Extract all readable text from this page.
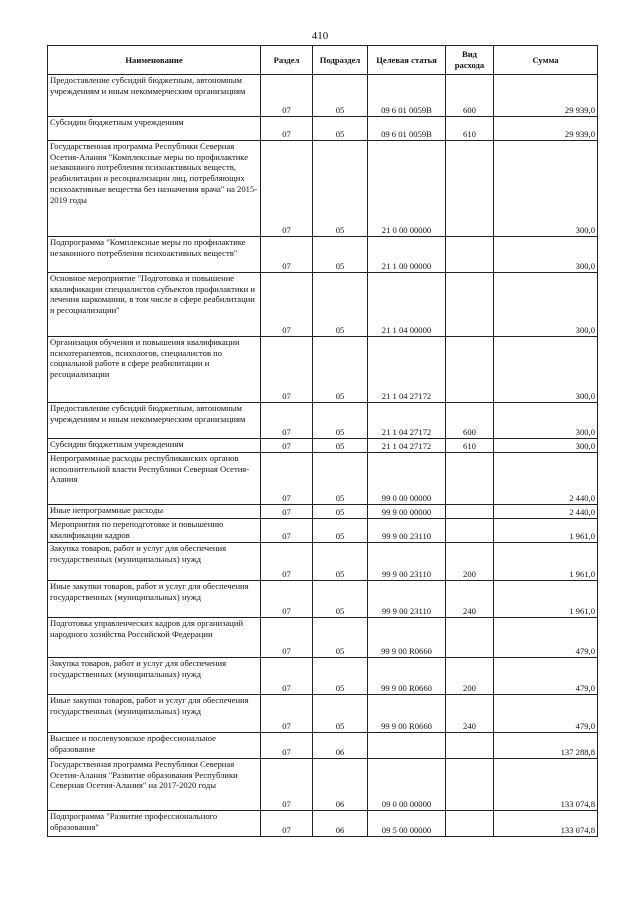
410
Наименование	Раздел	Подраздел	Целевая статья	Вид расхода	Сумма
Предоставление субсидий бюджетным, автономным учреждениям и иным некоммерческим организациям	07	05	09 6 01 0059В	600	29 939,0
Субсидии бюджетным учреждениям	07	05	09 6 01 0059В	610	29 939,0
Государственная программа Республики Северная Осетия-Алания "Комплексные меры по профилактике незаконного потребления психоактивных веществ, реабилитации и ресоциализации лиц, потребляющих психоактивные вещества без назначения врача" на 2015-2019 годы	07	05	21 0 00 00000		300,0
Подпрограмма "Комплексные меры по профилактике незаконного потребления психоактивных веществ"	07	05	21 1 00 00000		300,0
Основное мероприятие "Подготовка и повышение квалификации специалистов субъектов профилактики и лечения наркомании, в том числе в сфере реабилитации и ресоциализации"	07	05	21 1 04 00000		300,0
Организация обучения и повышения квалификации психотерапевтов, психологов, специалистов по социальной работе в сфере реабилитации и ресоциализации	07	05	21 1 04 27172		300,0
Предоставление субсидий бюджетным, автономным учреждениям и иным некоммерческим организациям	07	05	21 1 04 27172	600	300,0
Субсидии бюджетным учреждениям	07	05	21 1 04 27172	610	300,0
Непрограммные расходы республиканских органов исполнительной власти Республики Северная Осетия-Алания	07	05	99 0 00 00000		2 440,0
Иные непрограммные расходы	07	05	99 9 00 00000		2 440,0
Мероприятия по переподготовке и повышению квалификации кадров	07	05	99 9 00 23110		1 961,0
Закупка товаров, работ и услуг для обеспечения государственных (муниципальных) нужд	07	05	99 9 00 23110	200	1 961,0
Иные закупки товаров, работ и услуг для обеспечения государственных (муниципальных) нужд	07	05	99 9 00 23110	240	1 961,0
Подготовка управленческих кадров для организаций народного хозяйства Российской Федерации	07	05	99 9 00 R0660		479,0
Закупка товаров, работ и услуг для обеспечения государственных (муниципальных) нужд	07	05	99 9 00 R0660	200	479,0
Иные закупки товаров, работ и услуг для обеспечения государственных (муниципальных) нужд	07	05	99 9 00 R0660	240	479,0
Высшее и послевузовское профессиональное образование	07	06			137 288,8
Государственная программа Республики Северная Осетия-Алания "Развитие образования Республики Северная Осетия-Алания" на 2017-2020 годы	07	06	09 0 00 00000		133 074,8
Подпрограмма "Развитие профессионального образования"	07	06	09 5 00 00000		133 074,8
